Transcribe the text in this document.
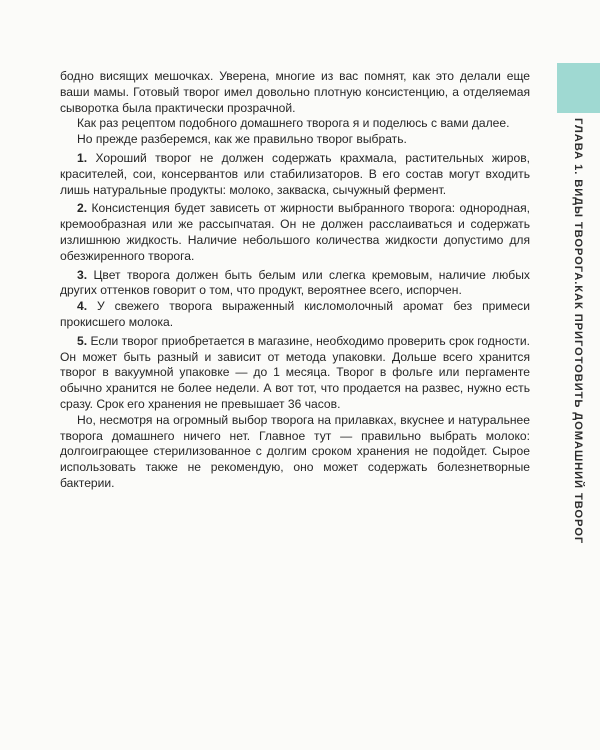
ГЛАВА 1. ВИДЫ ТВОРОГА.КАК ПРИГОТОВИТЬ ДОМАШНИЙ ТВОРОГ

бодно висящих мешочках. Уверена, многие из вас помнят, как это делали еще ваши мамы. Готовый творог имел довольно плотную консистенцию, а отделяемая сыворотка была практически прозрачной.

Как раз рецептом подобного домашнего творога я и поделюсь с вами далее.

Но прежде разберемся, как же правильно творог выбрать.

1. Хороший творог не должен содержать крахмала, растительных жиров, красителей, сои, консервантов или стабилизаторов. В его состав могут входить лишь натуральные продукты: молоко, закваска, сычужный фермент.

2. Консистенция будет зависеть от жирности выбранного творога: однородная, кремообразная или же рассыпчатая. Он не должен расслаиваться и содержать излишнюю жидкость. Наличие небольшого количества жидкости допустимо для обезжиренного творога.

3. Цвет творога должен быть белым или слегка кремовым, наличие любых других оттенков говорит о том, что продукт, вероятнее всего, испорчен.

4. У свежего творога выраженный кисломолочный аромат без примеси прокисшего молока.

5. Если творог приобретается в магазине, необходимо проверить срок годности. Он может быть разный и зависит от метода упаковки. Дольше всего хранится творог в вакуумной упаковке — до 1 месяца. Творог в фольге или пергаменте обычно хранится не более недели. А вот тот, что продается на развес, нужно есть сразу. Срок его хранения не превышает 36 часов.

Но, несмотря на огромный выбор творога на прилавках, вкуснее и натуральнее творога домашнего ничего нет. Главное тут — правильно выбрать молоко: долгоиграющее стерилизованное с долгим сроком хранения не подойдет. Сырое использовать также не рекомендую, оно может содержать болезнетворные бактерии.
